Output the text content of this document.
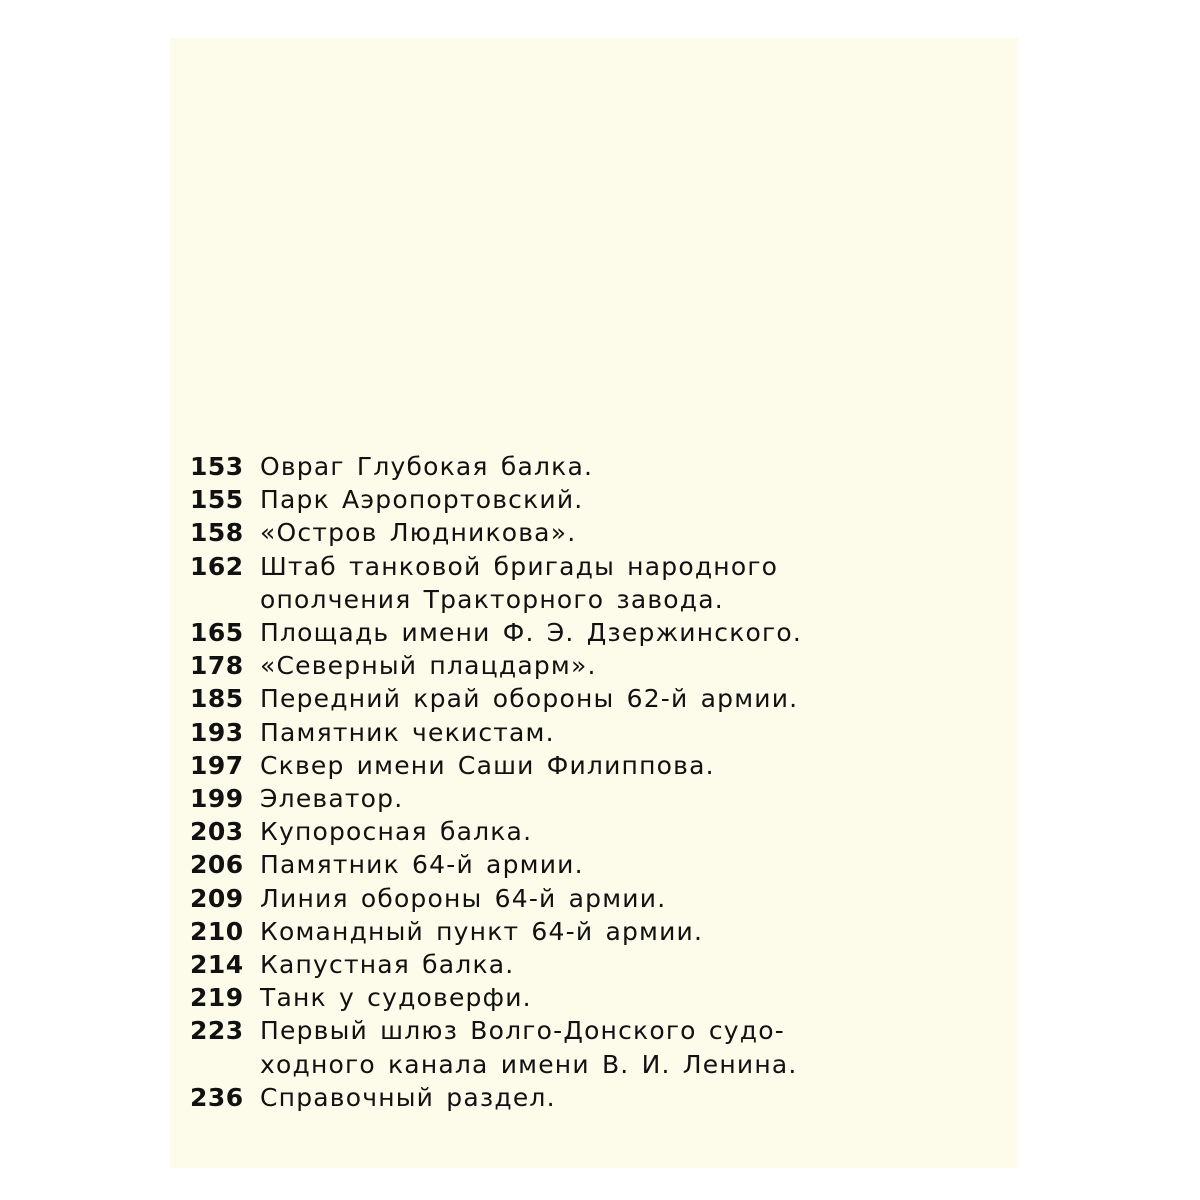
153 Овраг Глубокая балка.
155 Парк Аэропортовский.
158 «Остров Людникова».
162 Штаб танковой бригады народного
ополчения Тракторного завода.
165 Площадь имени Ф. Э. Дзержинского.
178 «Северный плацдарм».
185 Передний край обороны 62-й армии.
193 Памятник чекистам.
197 Сквер имени Саши Филиппова.
199 Элеватор.
203 Купоросная балка.
206 Памятник 64-й армии.
209 Линия обороны 64-й армии.
210 Командный пункт 64-й армии.
214 Капустная балка.
219 Танк у судоверфи.
223 Первый шлюз Волго-Донского судо-
ходного канала имени В. И. Ленина.
236 Справочный раздел.
